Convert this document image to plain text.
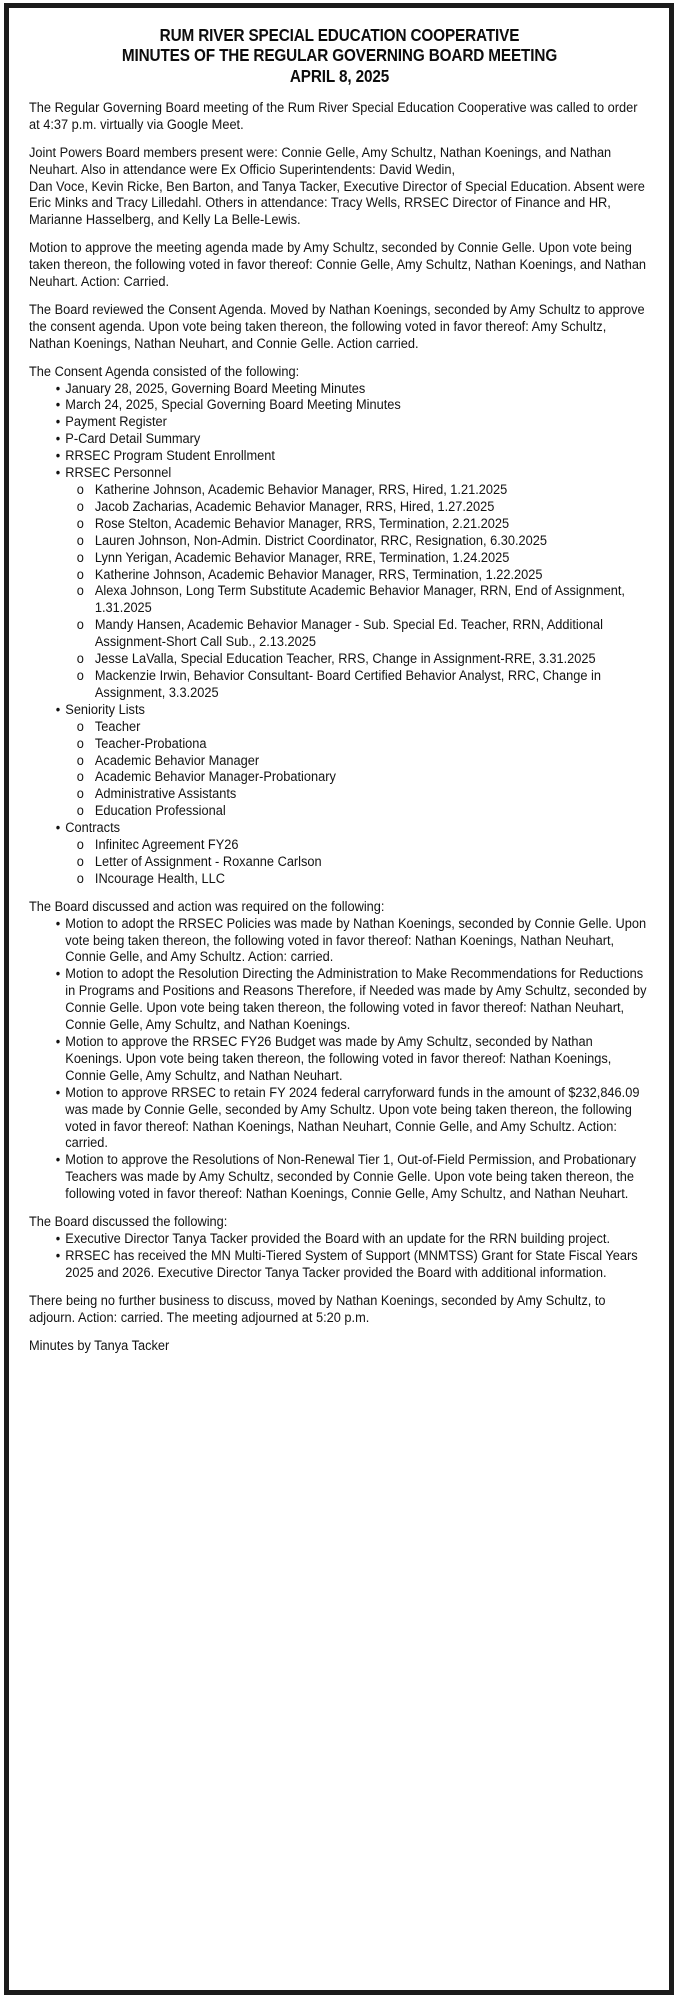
RUM RIVER SPECIAL EDUCATION COOPERATIVE
MINUTES OF THE REGULAR GOVERNING BOARD MEETING
APRIL 8, 2025

The Regular Governing Board meeting of the Rum River Special Education Cooperative was called to order at 4:37 p.m. virtually via Google Meet.

Joint Powers Board members present were: Connie Gelle, Amy Schultz, Nathan Koenings, and Nathan Neuhart. Also in attendance were Ex Officio Superintendents: David Wedin,

Dan Voce, Kevin Ricke, Ben Barton, and Tanya Tacker, Executive Director of Special Education. Absent were Eric Minks and Tracy Lilledahl. Others in attendance: Tracy Wells, RRSEC Director of Finance and HR, Marianne Hasselberg, and Kelly La Belle-Lewis.

Motion to approve the meeting agenda made by Amy Schultz, seconded by Connie Gelle. Upon vote being taken thereon, the following voted in favor thereof: Connie Gelle, Amy Schultz, Nathan Koenings, and Nathan Neuhart. Action: Carried.

The Board reviewed the Consent Agenda. Moved by Nathan Koenings, seconded by Amy Schultz to approve the consent agenda. Upon vote being taken thereon, the following voted in favor thereof: Amy Schultz, Nathan Koenings, Nathan Neuhart, and Connie Gelle. Action carried.

The Consent Agenda consisted of the following:

• January 28, 2025, Governing Board Meeting Minutes
• March 24, 2025, Special Governing Board Meeting Minutes
• Payment Register
• P-Card Detail Summary
• RRSEC Program Student Enrollment
• RRSEC Personnel
o Katherine Johnson, Academic Behavior Manager, RRS, Hired, 1.21.2025
o Jacob Zacharias, Academic Behavior Manager, RRS, Hired, 1.27.2025
o Rose Stelton, Academic Behavior Manager, RRS, Termination, 2.21.2025
o Lauren Johnson, Non-Admin. District Coordinator, RRC, Resignation, 6.30.2025
o Lynn Yerigan, Academic Behavior Manager, RRE, Termination, 1.24.2025
o Katherine Johnson, Academic Behavior Manager, RRS, Termination, 1.22.2025
o Alexa Johnson, Long Term Substitute Academic Behavior Manager, RRN, End of Assignment, 1.31.2025
o Mandy Hansen, Academic Behavior Manager - Sub. Special Ed. Teacher, RRN, Additional Assignment-Short Call Sub., 2.13.2025
o Jesse LaValla, Special Education Teacher, RRS, Change in Assignment-RRE, 3.31.2025
o Mackenzie Irwin, Behavior Consultant- Board Certified Behavior Analyst, RRC, Change in Assignment, 3.3.2025
• Seniority Lists
o Teacher
o Teacher-Probationa
o Academic Behavior Manager
o Academic Behavior Manager-Probationary
o Administrative Assistants
o Education Professional
• Contracts
o Infinitec Agreement FY26
o Letter of Assignment - Roxanne Carlson
o INcourage Health, LLC

The Board discussed and action was required on the following:

• Motion to adopt the RRSEC Policies was made by Nathan Koenings, seconded by Connie Gelle. Upon vote being taken thereon, the following voted in favor thereof: Nathan Koenings, Nathan Neuhart, Connie Gelle, and Amy Schultz. Action: carried.
• Motion to adopt the Resolution Directing the Administration to Make Recommendations for Reductions in Programs and Positions and Reasons Therefore, if Needed was made by Amy Schultz, seconded by Connie Gelle. Upon vote being taken thereon, the following voted in favor thereof: Nathan Neuhart, Connie Gelle, Amy Schultz, and Nathan Koenings.
• Motion to approve the RRSEC FY26 Budget was made by Amy Schultz, seconded by Nathan Koenings. Upon vote being taken thereon, the following voted in favor thereof: Nathan Koenings, Connie Gelle, Amy Schultz, and Nathan Neuhart.
• Motion to approve RRSEC to retain FY 2024 federal carryforward funds in the amount of $232,846.09 was made by Connie Gelle, seconded by Amy Schultz. Upon vote being taken thereon, the following voted in favor thereof: Nathan Koenings, Nathan Neuhart, Connie Gelle, and Amy Schultz. Action: carried.
• Motion to approve the Resolutions of Non-Renewal Tier 1, Out-of-Field Permission, and Probationary Teachers was made by Amy Schultz, seconded by Connie Gelle. Upon vote being taken thereon, the following voted in favor thereof: Nathan Koenings, Connie Gelle, Amy Schultz, and Nathan Neuhart.

The Board discussed the following:

• Executive Director Tanya Tacker provided the Board with an update for the RRN building project.
• RRSEC has received the MN Multi-Tiered System of Support (MNMTSS) Grant for State Fiscal Years 2025 and 2026. Executive Director Tanya Tacker provided the Board with additional information.

There being no further business to discuss, moved by Nathan Koenings, seconded by Amy Schultz, to adjourn. Action: carried. The meeting adjourned at 5:20 p.m.

Minutes by Tanya Tacker
